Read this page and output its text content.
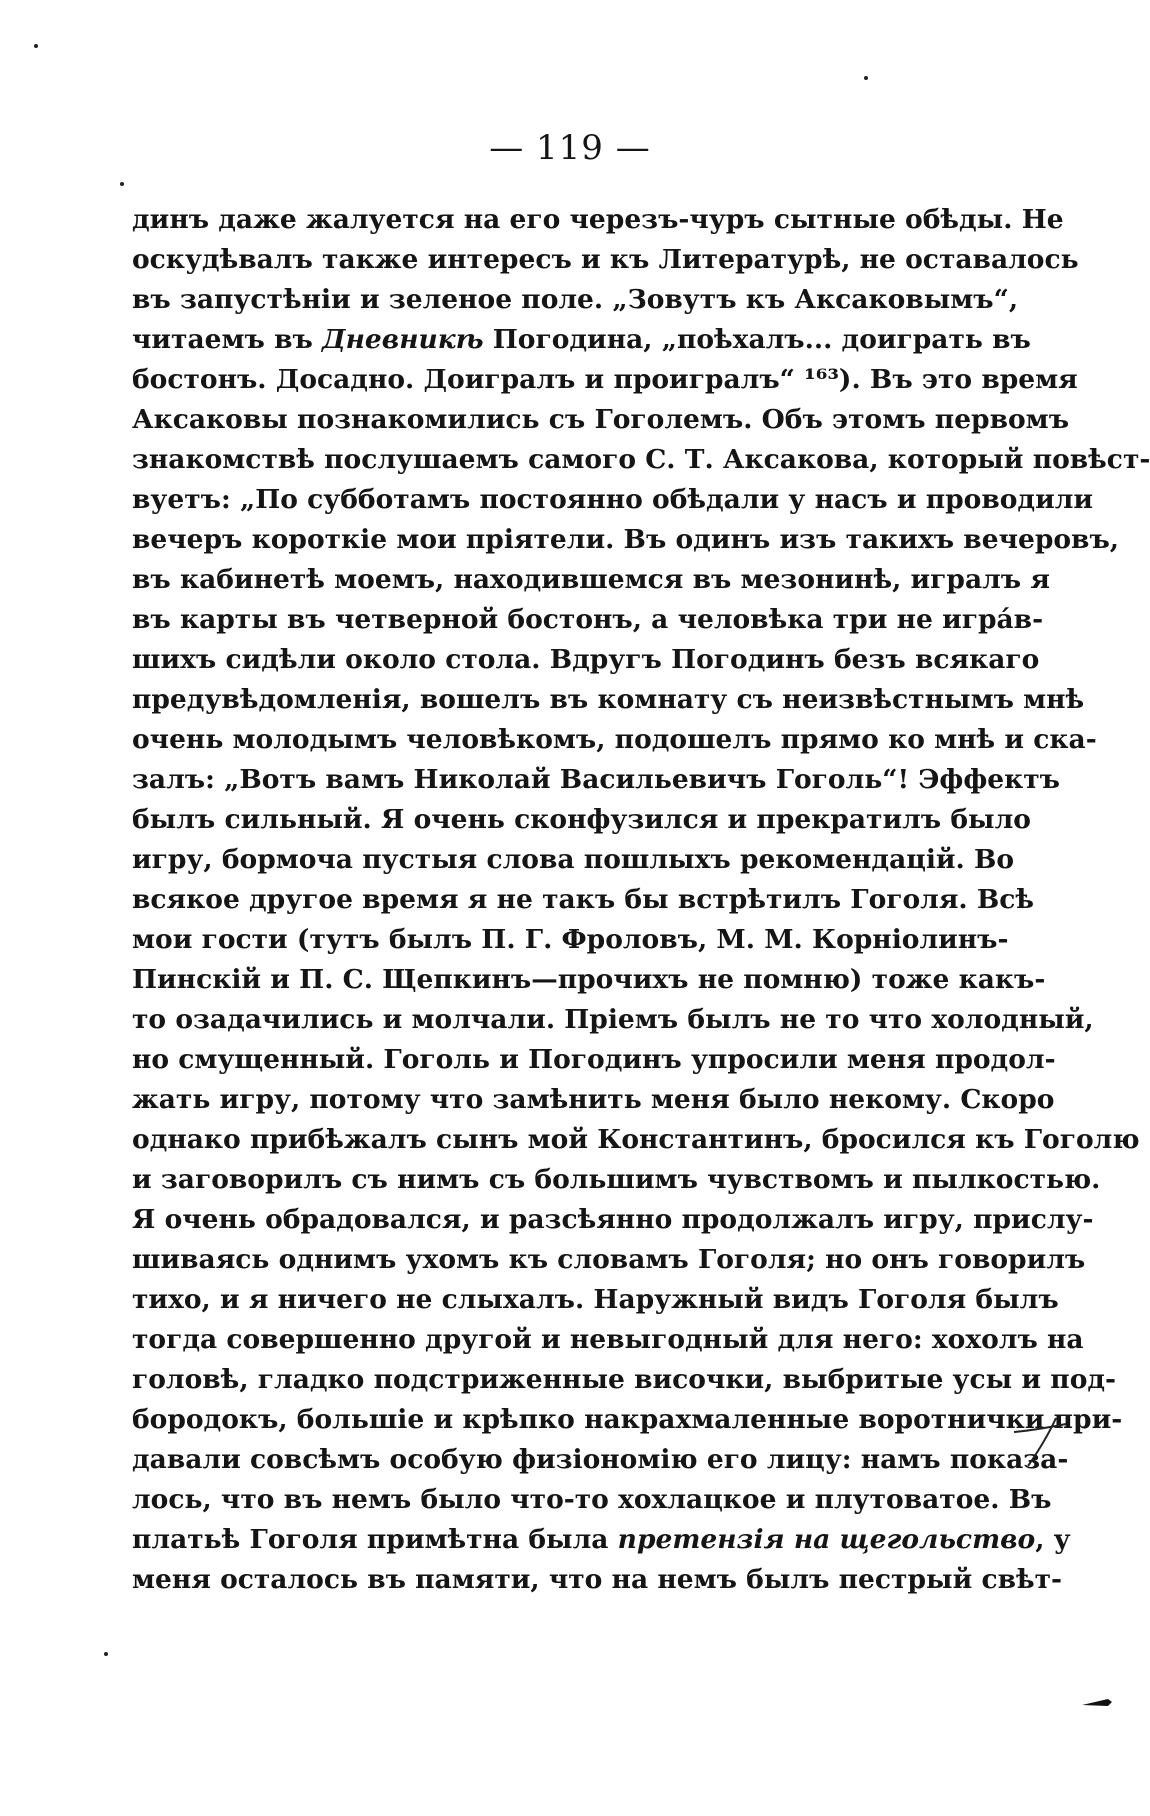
— 119 —
динъ даже жалуется на его черезъ-чуръ сытные обѣды. Не
оскудѣвалъ также интересъ и къ Литературѣ, не оставалось
въ запустѣніи и зеленое поле. „Зовутъ къ Аксаковымъ“,
читаемъ въ Дневникѣ Погодина, „поѣхалъ... доиграть въ
бостонъ. Досадно. Доигралъ и проигралъ“ ¹⁶³). Въ это время
Аксаковы познакомились съ Гоголемъ. Объ этомъ первомъ
знакомствѣ послушаемъ самого С. Т. Аксакова, который повѣст-
вуетъ: „По субботамъ постоянно обѣдали у насъ и проводили
вечеръ короткіе мои пріятели. Въ одинъ изъ такихъ вечеровъ,
въ кабинетѣ моемъ, находившемся въ мезонинѣ, игралъ я
въ карты въ четверной бостонъ, а человѣка три не игрáв-
шихъ сидѣли около стола. Вдругъ Погодинъ безъ всякаго
предувѣдомленія, вошелъ въ комнату съ неизвѣстнымъ мнѣ
очень молодымъ человѣкомъ, подошелъ прямо ко мнѣ и ска-
залъ: „Вотъ вамъ Николай Васильевичъ Гоголь“! Эффектъ
былъ сильный. Я очень сконфузился и прекратилъ было
игру, бормоча пустыя слова пошлыхъ рекомендацій. Во
всякое другое время я не такъ бы встрѣтилъ Гоголя. Всѣ
мои гости (тутъ былъ П. Г. Фроловъ, М. М. Корніолинъ-
Пинскій и П. С. Щепкинъ—прочихъ не помню) тоже какъ-
то озадачились и молчали. Пріемъ былъ не то что холодный,
но смущенный. Гоголь и Погодинъ упросили меня продол-
жать игру, потому что замѣнить меня было некому. Скоро
однако прибѣжалъ сынъ мой Константинъ, бросился къ Гоголю
и заговорилъ съ нимъ съ большимъ чувствомъ и пылкостью.
Я очень обрадовался, и разсѣянно продолжалъ игру, прислу-
шиваясь однимъ ухомъ къ словамъ Гоголя; но онъ говорилъ
тихо, и я ничего не слыхалъ. Наружный видъ Гоголя былъ
тогда совершенно другой и невыгодный для него: хохолъ на
головѣ, гладко подстриженные височки, выбритые усы и под-
бородокъ, большіе и крѣпко накрахмаленные воротнички при-
давали совсѣмъ особую физіономію его лицу: намъ показа-
лось, что въ немъ было что-то хохлацкое и плутоватое. Въ
платьѣ Гоголя примѣтна была претензія на щегольство, у
меня осталось въ памяти, что на немъ былъ пестрый свѣт-
